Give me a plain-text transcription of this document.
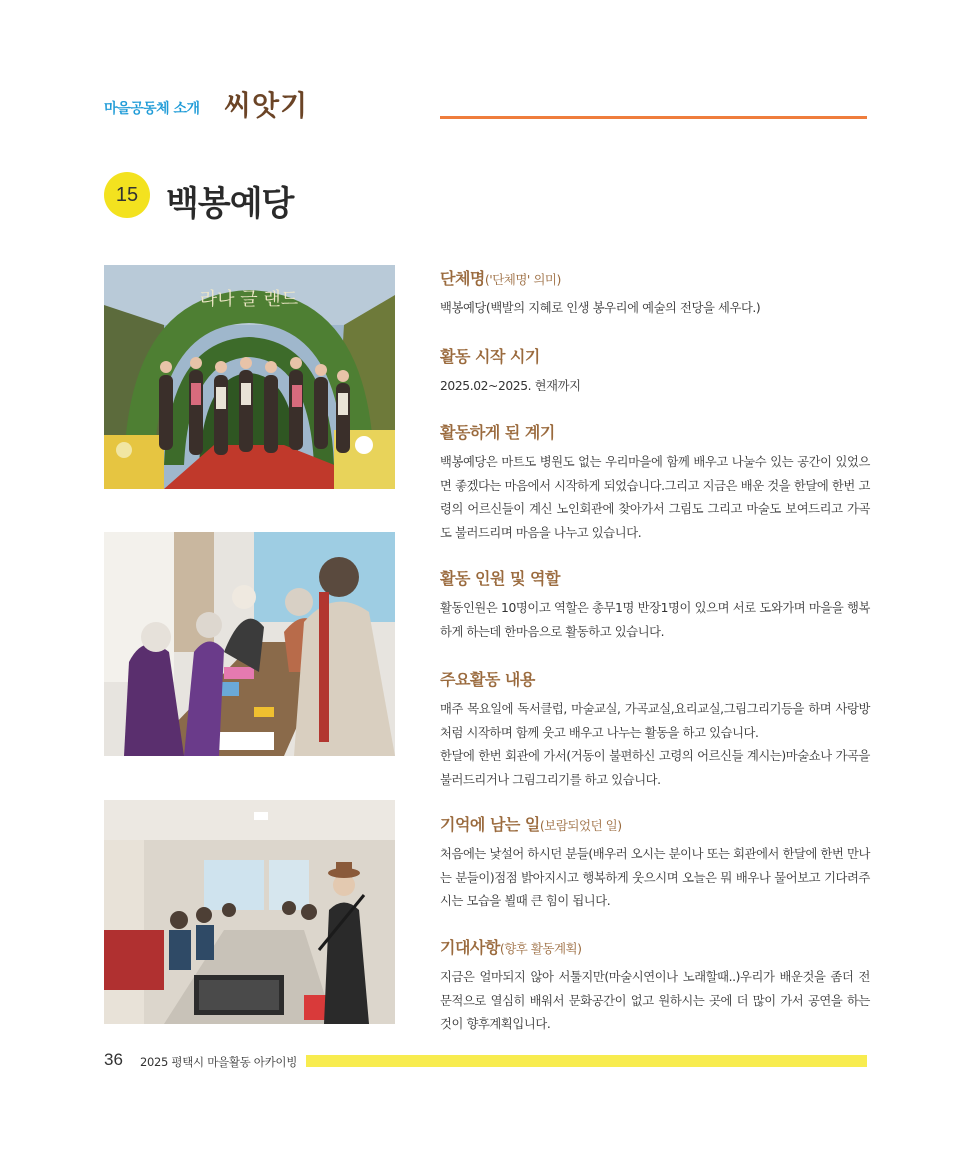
마을공동체 소개 씨앗기
15 백봉예당
라나 글 랜드

단체명('단체명' 의미)

백봉예당(백발의 지혜로 인생 봉우리에 예술의 전당을 세우다.)

활동 시작 시기

2025.02~2025. 현재까지

활동하게 된 계기

백봉예당은 마트도 병원도 없는 우리마을에 함께 배우고 나눌수 있는 공간이 있었으면 좋겠다는 마음에서 시작하게 되었습니다.그리고 지금은 배운 것을 한달에 한번 고령의 어르신들이 계신 노인회관에 찾아가서 그림도 그리고 마술도 보여드리고 가곡도 불러드리며 마음을 나누고 있습니다.

활동 인원 및 역할

활동인원은 10명이고 역할은 총무1명 반장1명이 있으며 서로 도와가며 마을을 행복하게 하는데 한마음으로 활동하고 있습니다.

주요활동 내용

매주 목요일에 독서클럽, 마술교실, 가곡교실,요리교실,그림그리기등을 하며 사랑방처럼 시작하며 함께 웃고 배우고 나누는 활동을 하고 있습니다.

한달에 한번 회관에 가서(거동이 불편하신 고령의 어르신들 계시는)마술쇼나 가곡을 불러드리거나 그림그리기를 하고 있습니다.

기억에 남는 일(보람되었던 일)

처음에는 낯설어 하시던 분들(배우러 오시는 분이나 또는 회관에서 한달에 한번 만나는 분들이)점점 밝아지시고 행복하게 웃으시며 오늘은 뭐 배우나 물어보고 기다려주시는 모습을 뵐때 큰 힘이 됩니다.

기대사항(향후 활동계획)

지금은 얼마되지 않아 서툴지만(마술시연이나 노래할때..)우리가 배운것을 좀더 전문적으로 열심히 배워서 문화공간이 없고 원하시는 곳에 더 많이 가서 공연을 하는 것이 향후계획입니다.

36 2025 평택시 마을활동 아카이빙
